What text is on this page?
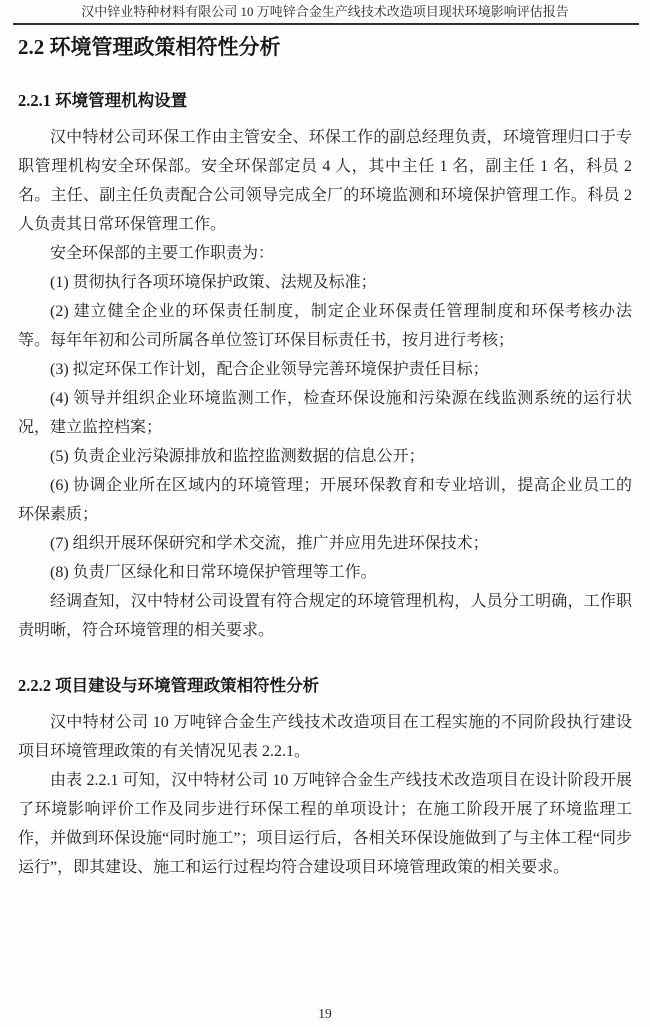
汉中锌业特种材料有限公司 10 万吨锌合金生产线技术改造项目现状环境影响评估报告
2.2 环境管理政策相符性分析
2.2.1 环境管理机构设置

汉中特材公司环保工作由主管安全、环保工作的副总经理负责，环境管理归口于专职管理机构安全环保部。安全环保部定员 4 人，其中主任 1 名，副主任 1 名，科员 2 名。主任、副主任负责配合公司领导完成全厂的环境监测和环境保护管理工作。科员 2 人负责其日常环保管理工作。

安全环保部的主要工作职责为：

(1) 贯彻执行各项环境保护政策、法规及标准；

(2) 建立健全企业的环保责任制度，制定企业环保责任管理制度和环保考核办法等。每年年初和公司所属各单位签订环保目标责任书，按月进行考核；

(3) 拟定环保工作计划，配合企业领导完善环境保护责任目标；

(4) 领导并组织企业环境监测工作，检查环保设施和污染源在线监测系统的运行状况，建立监控档案；

(5) 负责企业污染源排放和监控监测数据的信息公开；

(6) 协调企业所在区域内的环境管理；开展环保教育和专业培训，提高企业员工的环保素质；

(7) 组织开展环保研究和学术交流，推广并应用先进环保技术；

(8) 负责厂区绿化和日常环境保护管理等工作。

经调查知，汉中特材公司设置有符合规定的环境管理机构，人员分工明确，工作职责明晰，符合环境管理的相关要求。

2.2.2 项目建设与环境管理政策相符性分析

汉中特材公司 10 万吨锌合金生产线技术改造项目在工程实施的不同阶段执行建设项目环境管理政策的有关情况见表 2.2.1。

由表 2.2.1 可知，汉中特材公司 10 万吨锌合金生产线技术改造项目在设计阶段开展了环境影响评价工作及同步进行环保工程的单项设计；在施工阶段开展了环境监理工作，并做到环保设施“同时施工”；项目运行后，各相关环保设施做到了与主体工程“同步运行”，即其建设、施工和运行过程均符合建设项目环境管理政策的相关要求。

19
